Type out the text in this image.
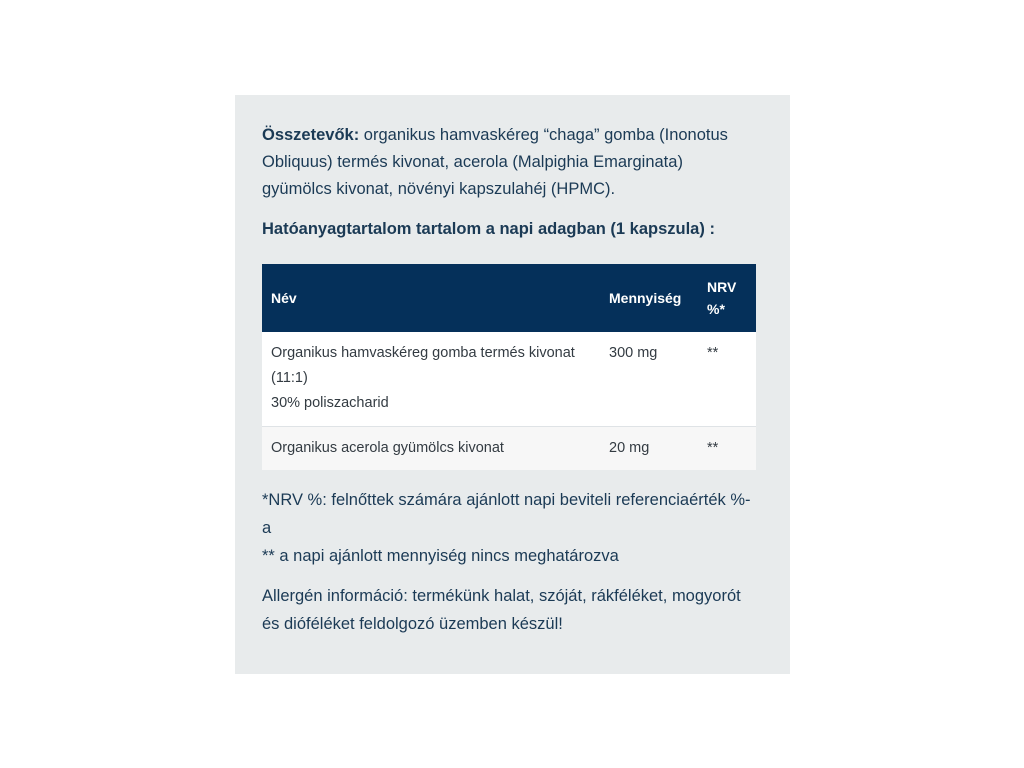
Összetevők: organikus hamvaskéreg “chaga” gomba (Inonotus Obliquus) termés kivonat, acerola (Malpighia Emarginata) gyümölcs kivonat, növényi kapszulahéj (HPMC).

Hatóanyagtartalom tartalom a napi adagban (1 kapszula) :

Név	Mennyiség	NRV %*
Organikus hamvaskéreg gomba termés kivonat (11:1)
30% poliszacharid	300 mg	**
Organikus acerola gyümölcs kivonat	20 mg	**

*NRV %: felnőttek számára ajánlott napi beviteli referenciaérték %-a

** a napi ajánlott mennyiség nincs meghatározva

Allergén információ: termékünk halat, szóját, rákféléket, mogyorót és dióféléket feldolgozó üzemben készül!
